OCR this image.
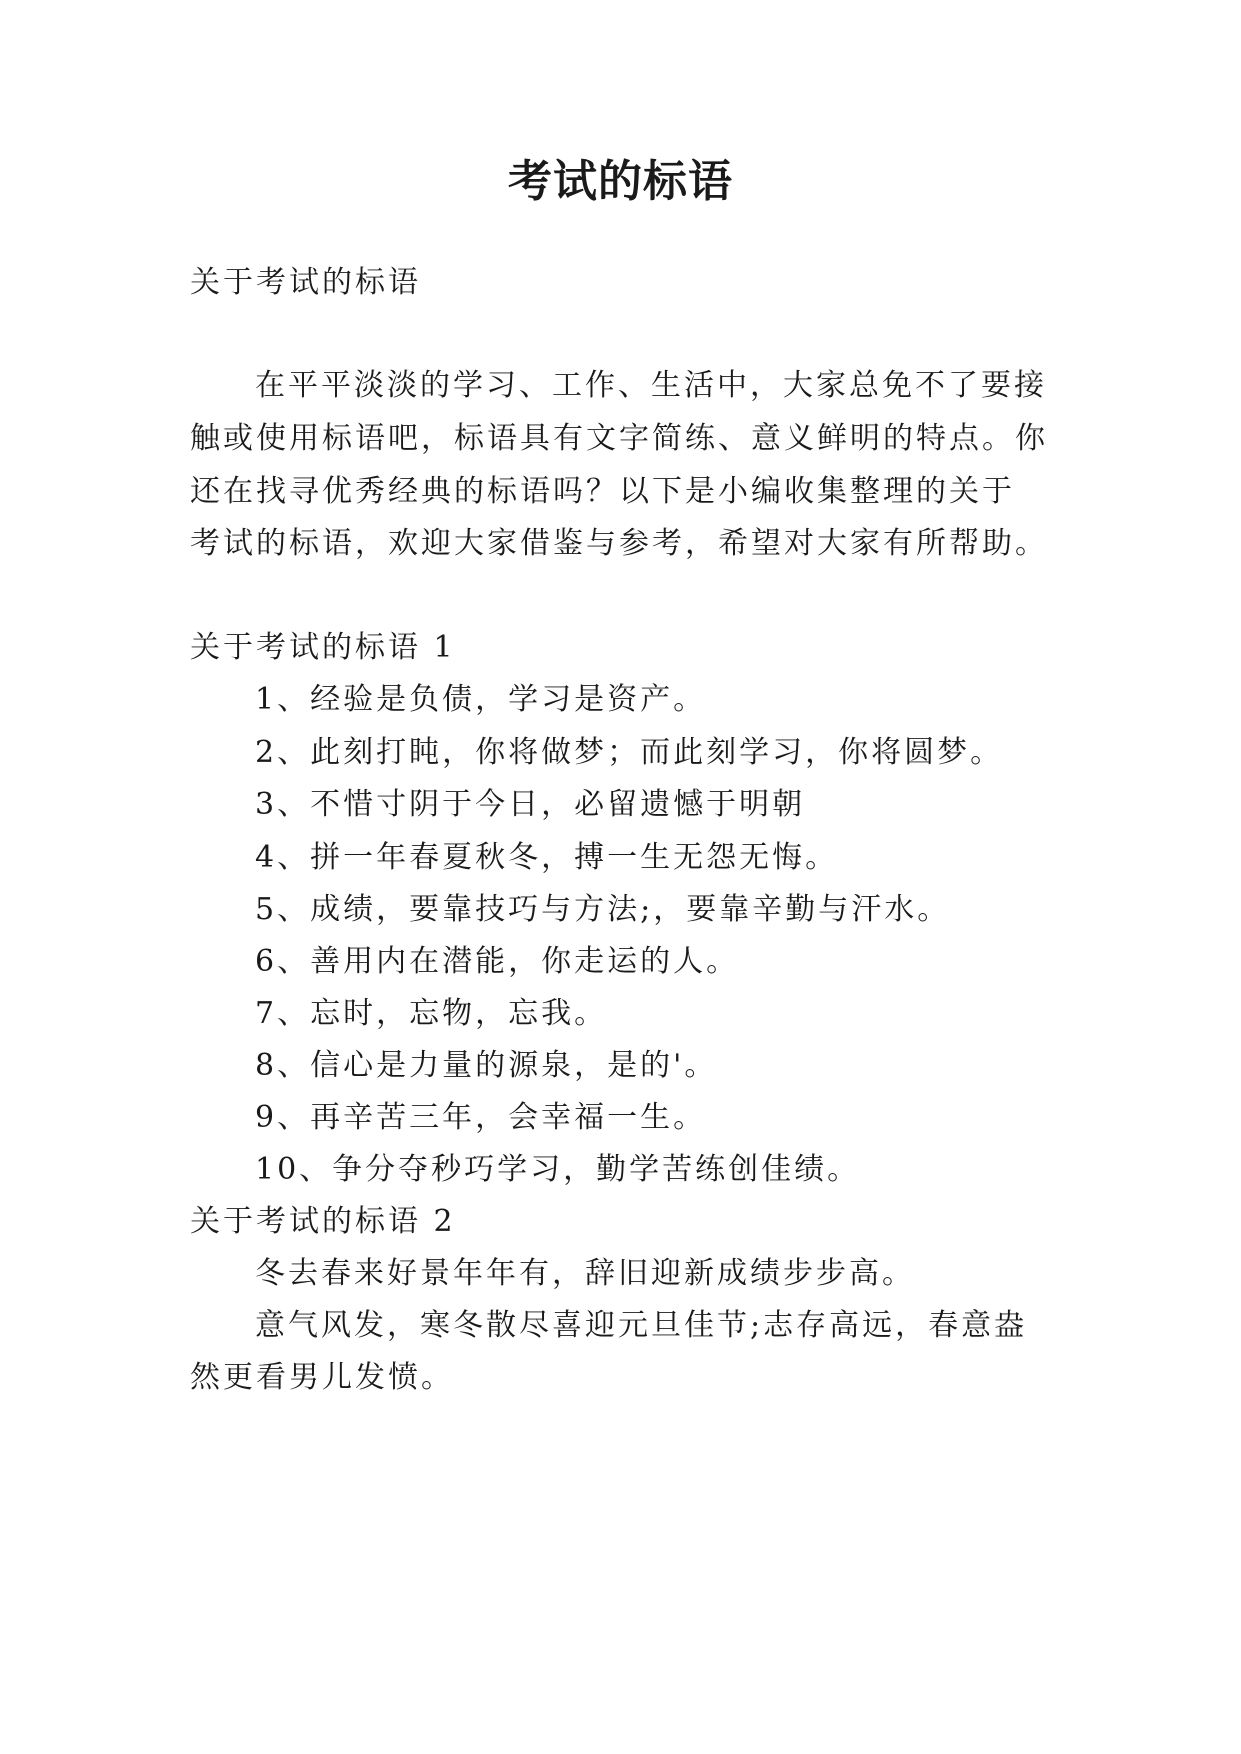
考试的标语
关于考试的标语
在平平淡淡的学习、工作、生活中，大家总免不了要接
触或使用标语吧，标语具有文字简练、意义鲜明的特点。你
还在找寻优秀经典的标语吗？以下是小编收集整理的关于
考试的标语，欢迎大家借鉴与参考，希望对大家有所帮助。
关于考试的标语 1
1、经验是负债，学习是资产。
2、此刻打盹，你将做梦；而此刻学习，你将圆梦。
3、不惜寸阴于今日，必留遗憾于明朝
4、拼一年春夏秋冬，搏一生无怨无悔。
5、成绩，要靠技巧与方法;，要靠辛勤与汗水。
6、善用内在潜能，你走运的人。
7、忘时，忘物，忘我。
8、信心是力量的源泉，是的'。
9、再辛苦三年，会幸福一生。
10、争分夺秒巧学习，勤学苦练创佳绩。
关于考试的标语 2
冬去春来好景年年有，辞旧迎新成绩步步高。
意气风发，寒冬散尽喜迎元旦佳节;志存高远，春意盎
然更看男儿发愤。
